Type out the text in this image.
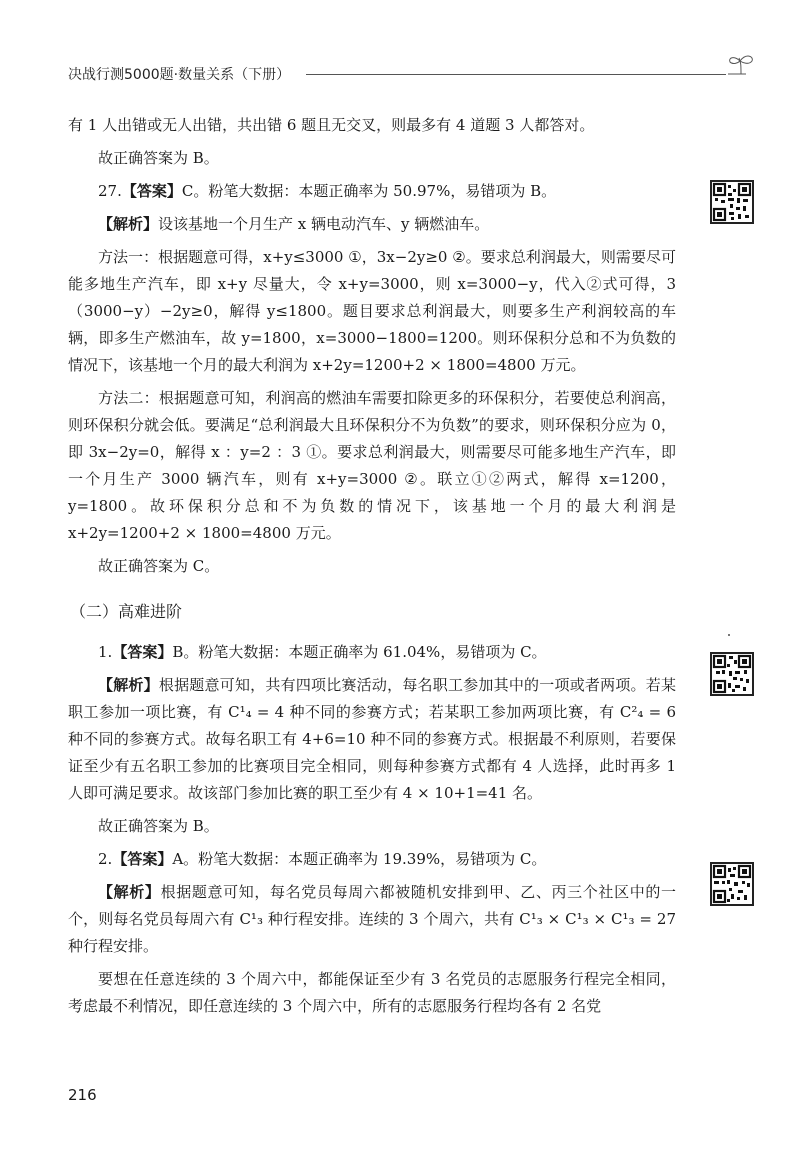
决战行测5000题·数量关系（下册）

有 1 人出错或无人出错，共出错 6 题且无交叉，则最多有 4 道题 3 人都答对。

故正确答案为 B。

27.【答案】C。粉笔大数据：本题正确率为 50.97%，易错项为 B。

【解析】设该基地一个月生产 x 辆电动汽车、y 辆燃油车。

方法一：根据题意可得，x+y≤3000 ①，3x−2y≥0 ②。要求总利润最大，则需要尽可能多地生产汽车，即 x+y 尽量大，令 x+y=3000，则 x=3000−y，代入②式可得，3（3000−y）−2y≥0，解得 y≤1800。题目要求总利润最大，则要多生产利润较高的车辆，即多生产燃油车，故 y=1800，x=3000−1800=1200。则环保积分总和不为负数的情况下，该基地一个月的最大利润为 x+2y=1200+2 × 1800=4800 万元。

方法二：根据题意可知，利润高的燃油车需要扣除更多的环保积分，若要使总利润高，则环保积分就会低。要满足“总利润最大且环保积分不为负数”的要求，则环保积分应为 0，即 3x−2y=0，解得 x ：y=2 ：3 ①。要求总利润最大，则需要尽可能多地生产汽车，即一个月生产 3000 辆汽车，则有 x+y=3000 ②。联立①②两式，解得 x=1200，y=1800。故环保积分总和不为负数的情况下，该基地一个月的最大利润是 x+2y=1200+2 × 1800=4800 万元。

故正确答案为 C。

（二）高难进阶

1.【答案】B。粉笔大数据：本题正确率为 61.04%，易错项为 C。

【解析】根据题意可知，共有四项比赛活动，每名职工参加其中的一项或者两项。若某职工参加一项比赛，有 C¹₄ = 4 种不同的参赛方式；若某职工参加两项比赛，有 C²₄ = 6 种不同的参赛方式。故每名职工有 4+6=10 种不同的参赛方式。根据最不利原则，若要保证至少有五名职工参加的比赛项目完全相同，则每种参赛方式都有 4 人选择，此时再多 1 人即可满足要求。故该部门参加比赛的职工至少有 4 × 10+1=41 名。

故正确答案为 B。

2.【答案】A。粉笔大数据：本题正确率为 19.39%，易错项为 C。

【解析】根据题意可知，每名党员每周六都被随机安排到甲、乙、丙三个社区中的一个，则每名党员每周六有 C¹₃ 种行程安排。连续的 3 个周六，共有 C¹₃ × C¹₃ × C¹₃ = 27 种行程安排。

要想在任意连续的 3 个周六中，都能保证至少有 3 名党员的志愿服务行程完全相同，考虑最不利情况，即任意连续的 3 个周六中，所有的志愿服务行程均各有 2 名党

216
